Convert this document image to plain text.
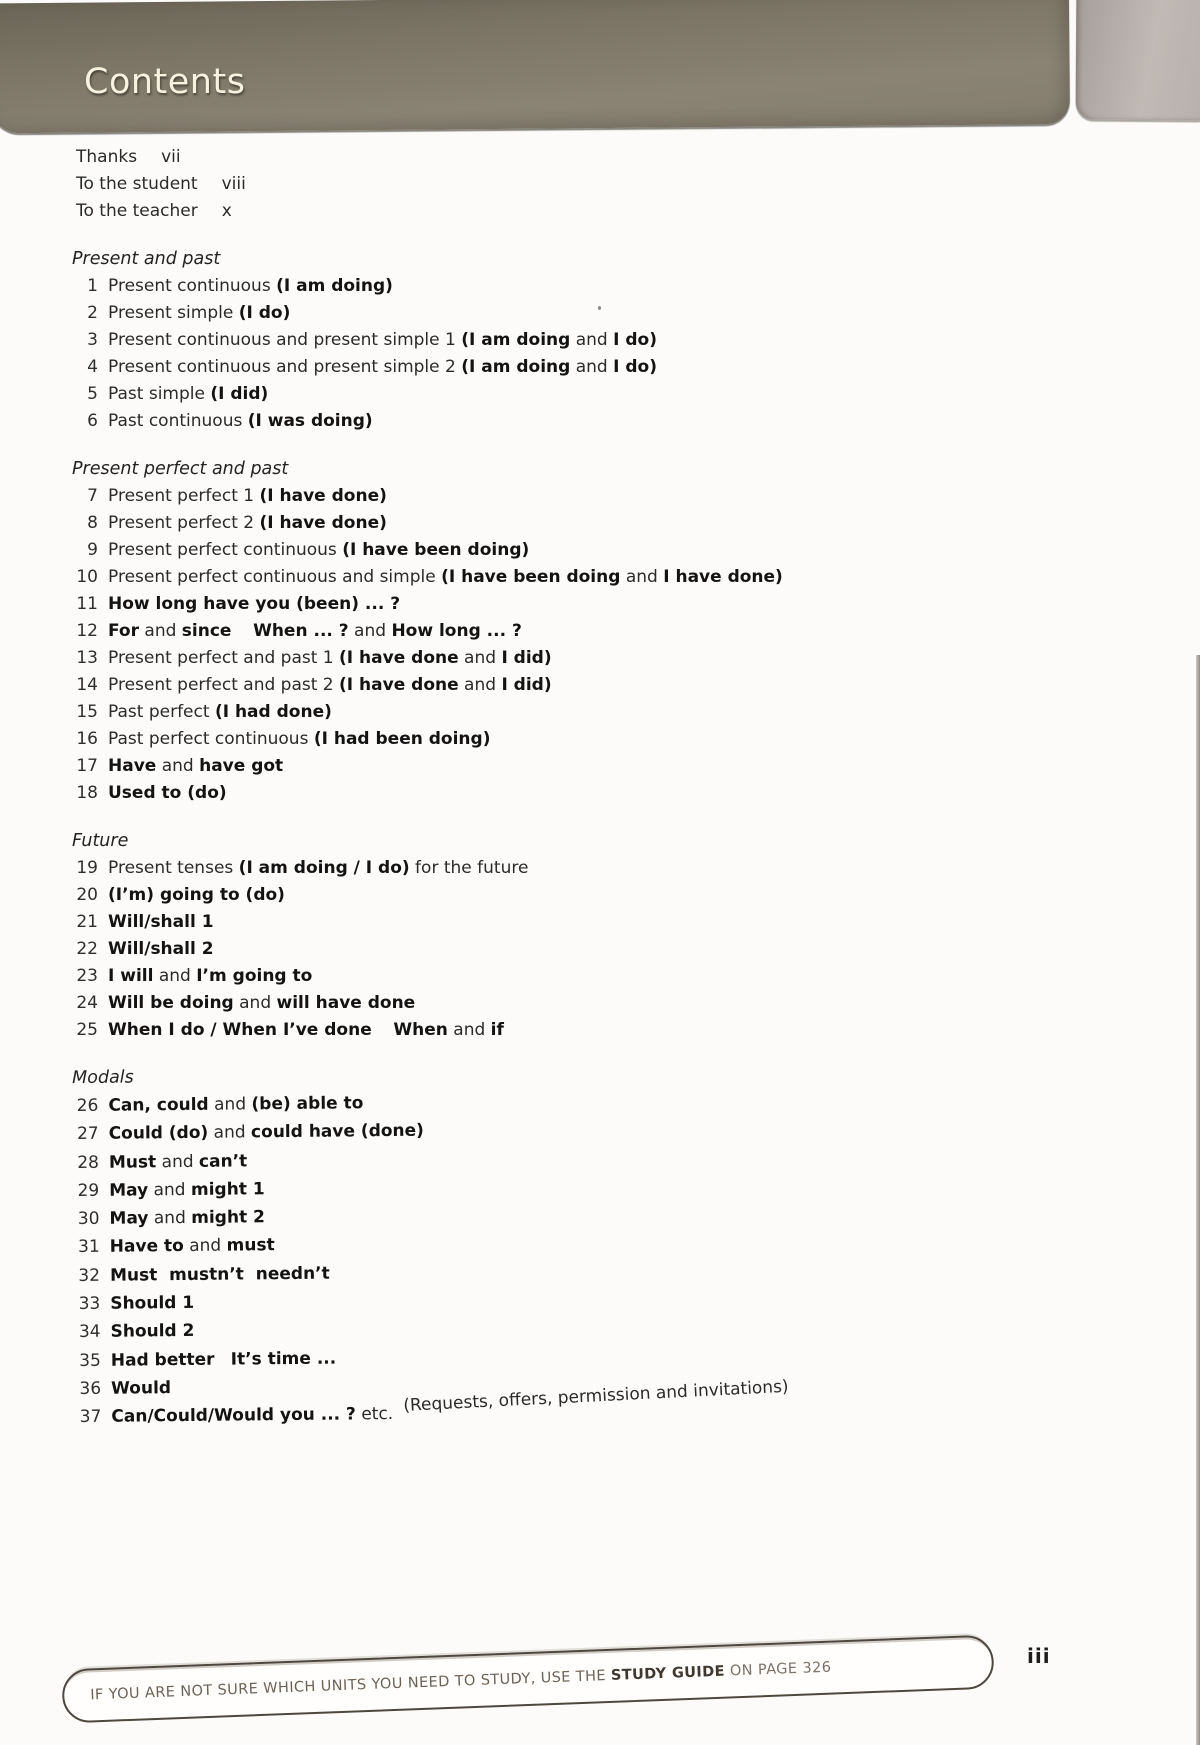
Contents
Thanks vii
To the student viii
To the teacher x
Present and past
1 Present continuous (I am doing)
2 Present simple (I do)
3 Present continuous and present simple 1 (I am doing and I do)
4 Present continuous and present simple 2 (I am doing and I do)
5 Past simple (I did)
6 Past continuous (I was doing)
Present perfect and past
7 Present perfect 1 (I have done)
8 Present perfect 2 (I have done)
9 Present perfect continuous (I have been doing)
10 Present perfect continuous and simple (I have been doing and I have done)
11 How long have you (been) ... ?
12 For and since When ... ? and How long ... ?
13 Present perfect and past 1 (I have done and I did)
14 Present perfect and past 2 (I have done and I did)
15 Past perfect (I had done)
16 Past perfect continuous (I had been doing)
17 Have and have got
18 Used to (do)
Future
19 Present tenses (I am doing / I do) for the future
20 (I’m) going to (do)
21 Will/shall 1
22 Will/shall 2
23 I will and I’m going to
24 Will be doing and will have done
25 When I do / When I’ve done When and if
Modals
26 Can, could and (be) able to
27 Could (do) and could have (done)
28 Must and can’t
29 May and might 1
30 May and might 2
31 Have to and must
32 Must  mustn’t  needn’t
33 Should 1
34 Should 2
35 Had better It’s time ...
36 Would
37 Can/Could/Would you ... ? etc.  (Requests, offers, permission and invitations)
IF YOU ARE NOT SURE WHICH UNITS YOU NEED TO STUDY, USE THE STUDY GUIDE ON PAGE 326
iii
